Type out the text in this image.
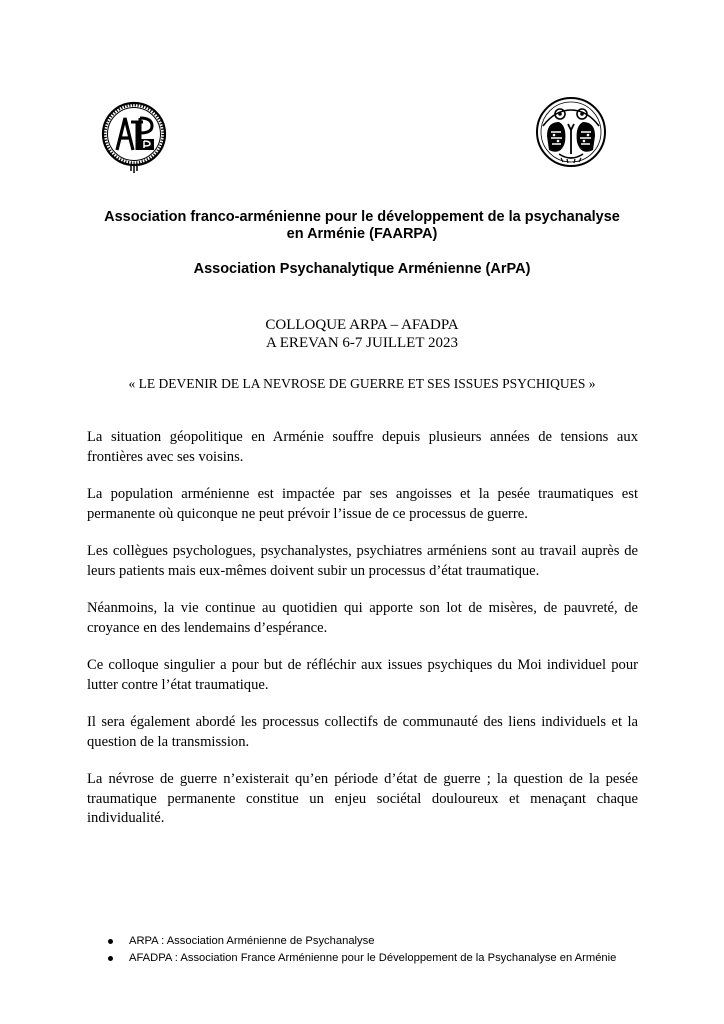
Association franco-arménienne pour le développement de la psychanalyse
en Arménie (FAARPA)
Association Psychanalytique Arménienne (ArPA)
COLLOQUE ARPA – AFADPA
A EREVAN 6-7 JUILLET 2023
« LE DEVENIR DE LA NEVROSE DE GUERRE ET SES ISSUES PSYCHIQUES »

La situation géopolitique en Arménie souffre depuis plusieurs années de tensions aux frontières avec ses voisins.

La population arménienne est impactée par ses angoisses et la pesée traumatiques est permanente où quiconque ne peut prévoir l’issue de ce processus de guerre.

Les collègues psychologues, psychanalystes, psychiatres arméniens sont au travail auprès de leurs patients mais eux-mêmes doivent subir un processus d’état traumatique.

Néanmoins, la vie continue au quotidien qui apporte son lot de misères, de pauvreté, de croyance en des lendemains d’espérance.

Ce colloque singulier a pour but de réfléchir aux issues psychiques du Moi individuel pour lutter contre l’état traumatique.

Il sera également abordé les processus collectifs de communauté des liens individuels et la question de la transmission.

La névrose de guerre n’existerait qu’en période d’état de guerre ; la question de la pesée traumatique permanente constitue un enjeu sociétal douloureux et menaçant chaque individualité.

ARPA : Association Arménienne de Psychanalyse
AFADPA : Association France Arménienne pour le Développement de la Psychanalyse en Arménie
